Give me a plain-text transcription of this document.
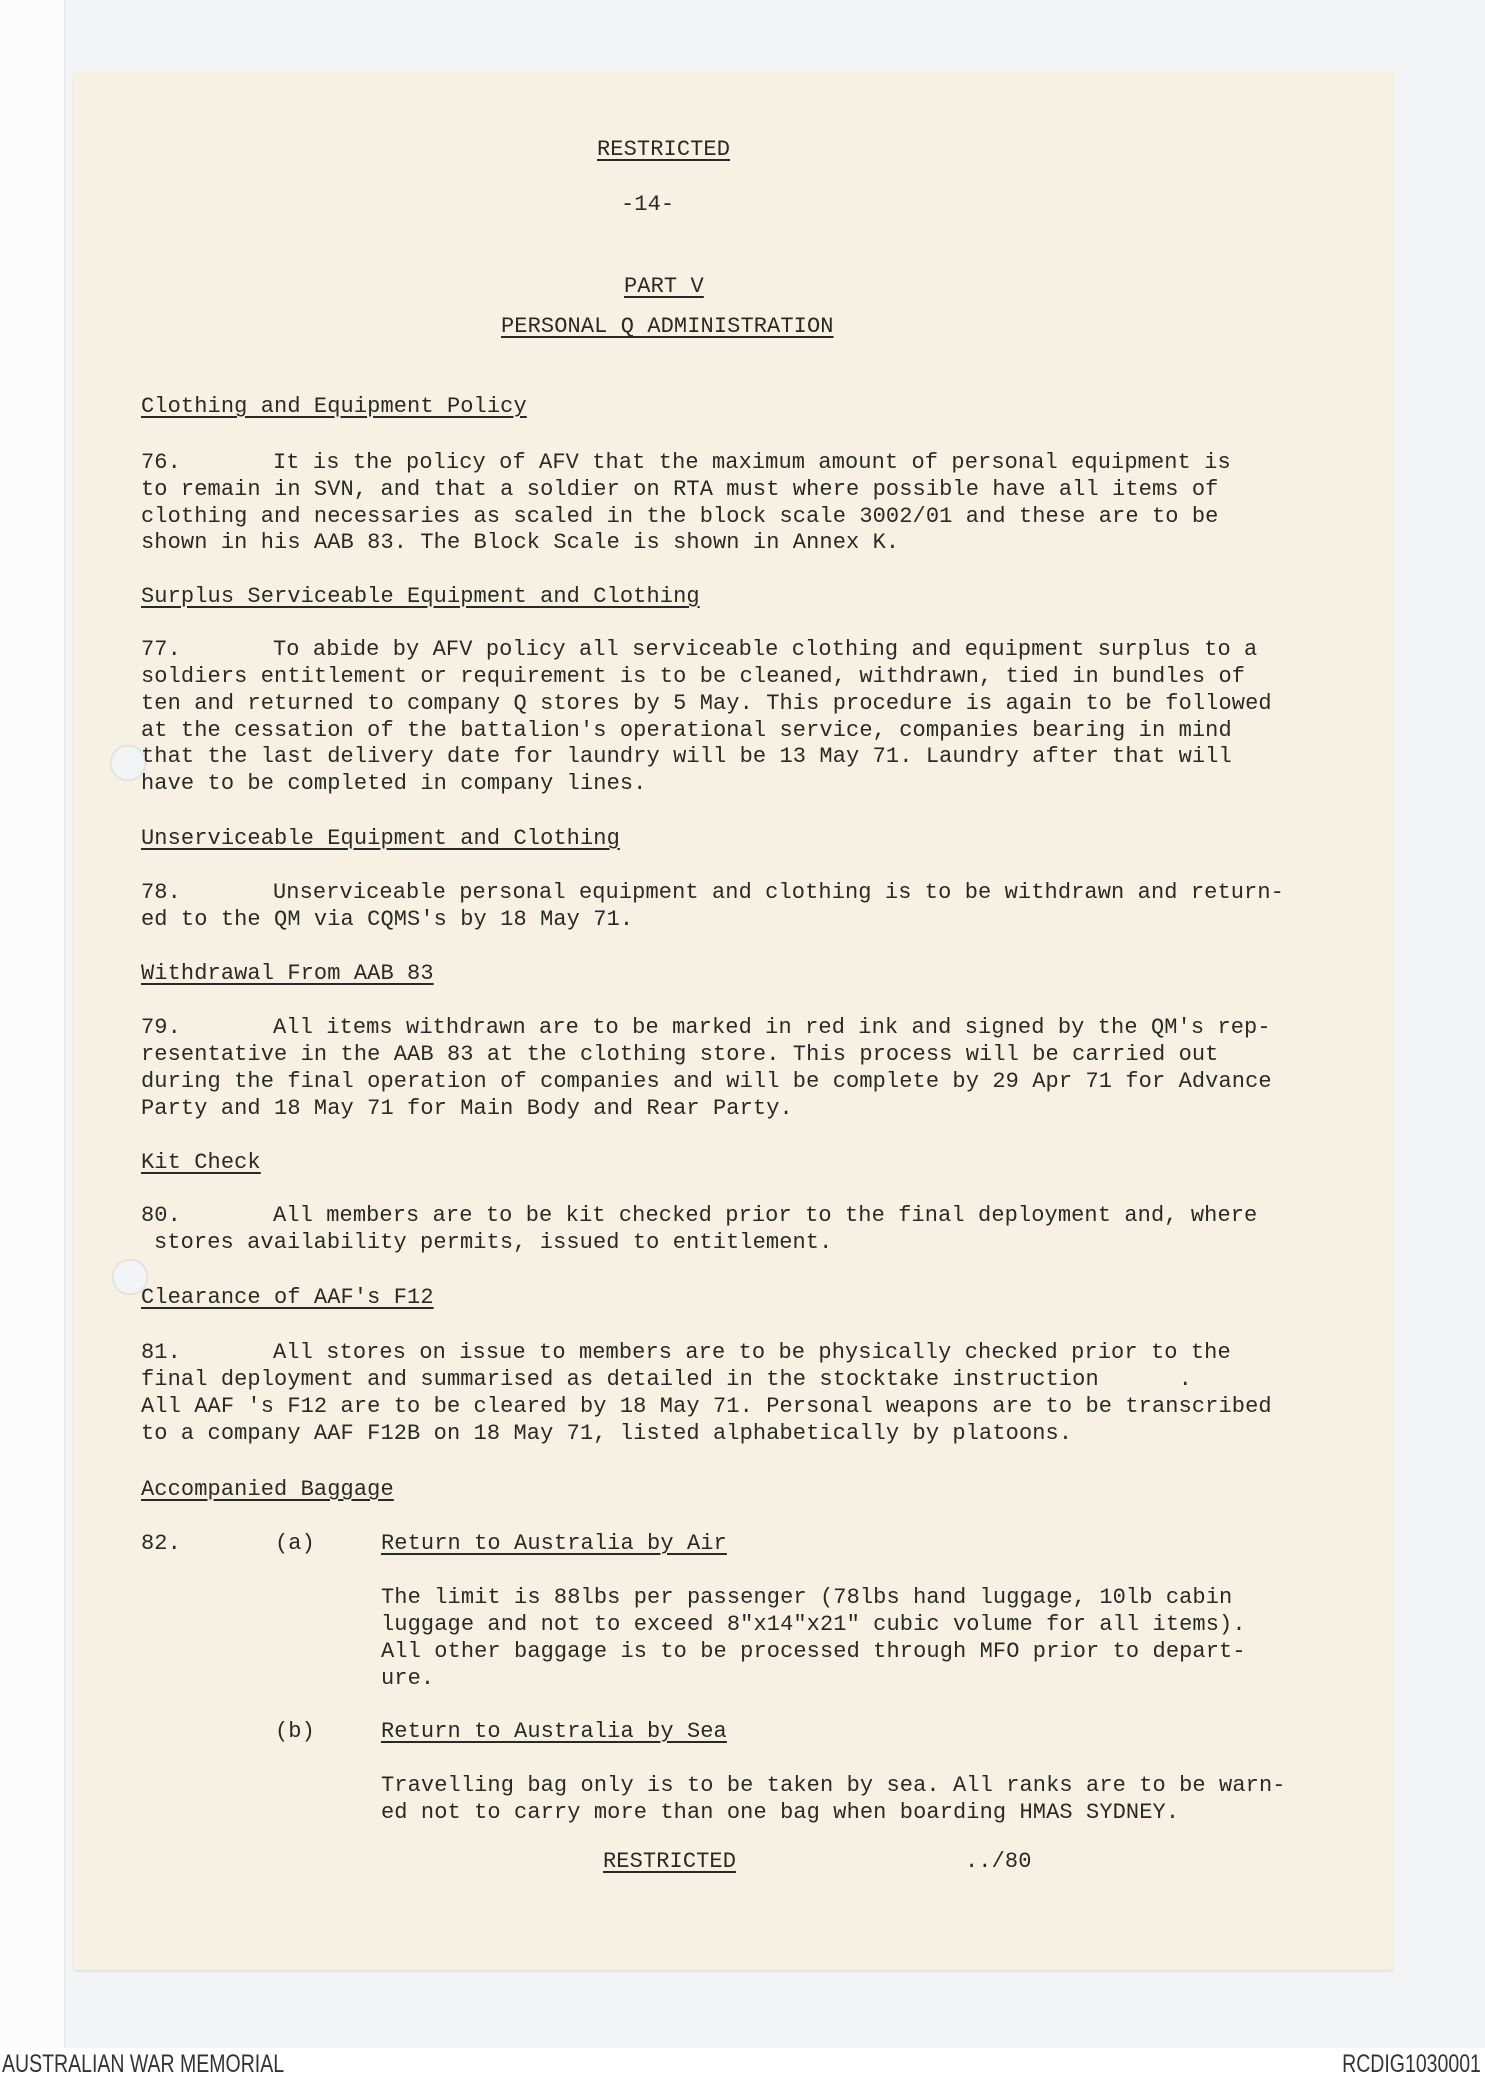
RESTRICTED
-14-
PART V
PERSONAL Q ADMINISTRATION
Clothing and Equipment Policy
76.	It is the policy of AFV that the maximum amount of personal equipment is
to remain in SVN, and that a soldier on RTA must where possible have all items of
clothing and necessaries as scaled in the block scale 3002/01 and these are to be
shown in his AAB 83. The Block Scale is shown in Annex K.
Surplus Serviceable Equipment and Clothing
77.	To abide by AFV policy all serviceable clothing and equipment surplus to a
soldiers entitlement or requirement is to be cleaned, withdrawn, tied in bundles of
ten and returned to company Q stores by 5 May. This procedure is again to be followed
at the cessation of the battalion's operational service, companies bearing in mind
that the last delivery date for laundry will be 13 May 71. Laundry after that will
have to be completed in company lines.
Unserviceable Equipment and Clothing
78.	Unserviceable personal equipment and clothing is to be withdrawn and return-
ed to the QM via CQMS's by 18 May 71.
Withdrawal From AAB 83
79.	All items withdrawn are to be marked in red ink and signed by the QM's rep-
resentative in the AAB 83 at the clothing store. This process will be carried out
during the final operation of companies and will be complete by 29 Apr 71 for Advance
Party and 18 May 71 for Main Body and Rear Party.
Kit Check
80.	All members are to be kit checked prior to the final deployment and, where
stores availability permits, issued to entitlement.
Clearance of AAF's F12
81.	All stores on issue to members are to be physically checked prior to the
final deployment and summarised as detailed in the stocktake instruction      .
All AAF 's F12 are to be cleared by 18 May 71. Personal weapons are to be transcribed
to a company AAF F12B on 18 May 71, listed alphabetically by platoons.
Accompanied Baggage
82.	(a)	Return to Australia by Air
The limit is 88lbs per passenger (78lbs hand luggage, 10lb cabin
luggage and not to exceed 8"x14"x21" cubic volume for all items).
All other baggage is to be processed through MFO prior to depart-
ure.
(b)	Return to Australia by Sea
Travelling bag only is to be taken by sea. All ranks are to be warn-
ed not to carry more than one bag when boarding HMAS SYDNEY.
RESTRICTED	../80
AUSTRALIAN WAR MEMORIAL	RCDIG1030001
